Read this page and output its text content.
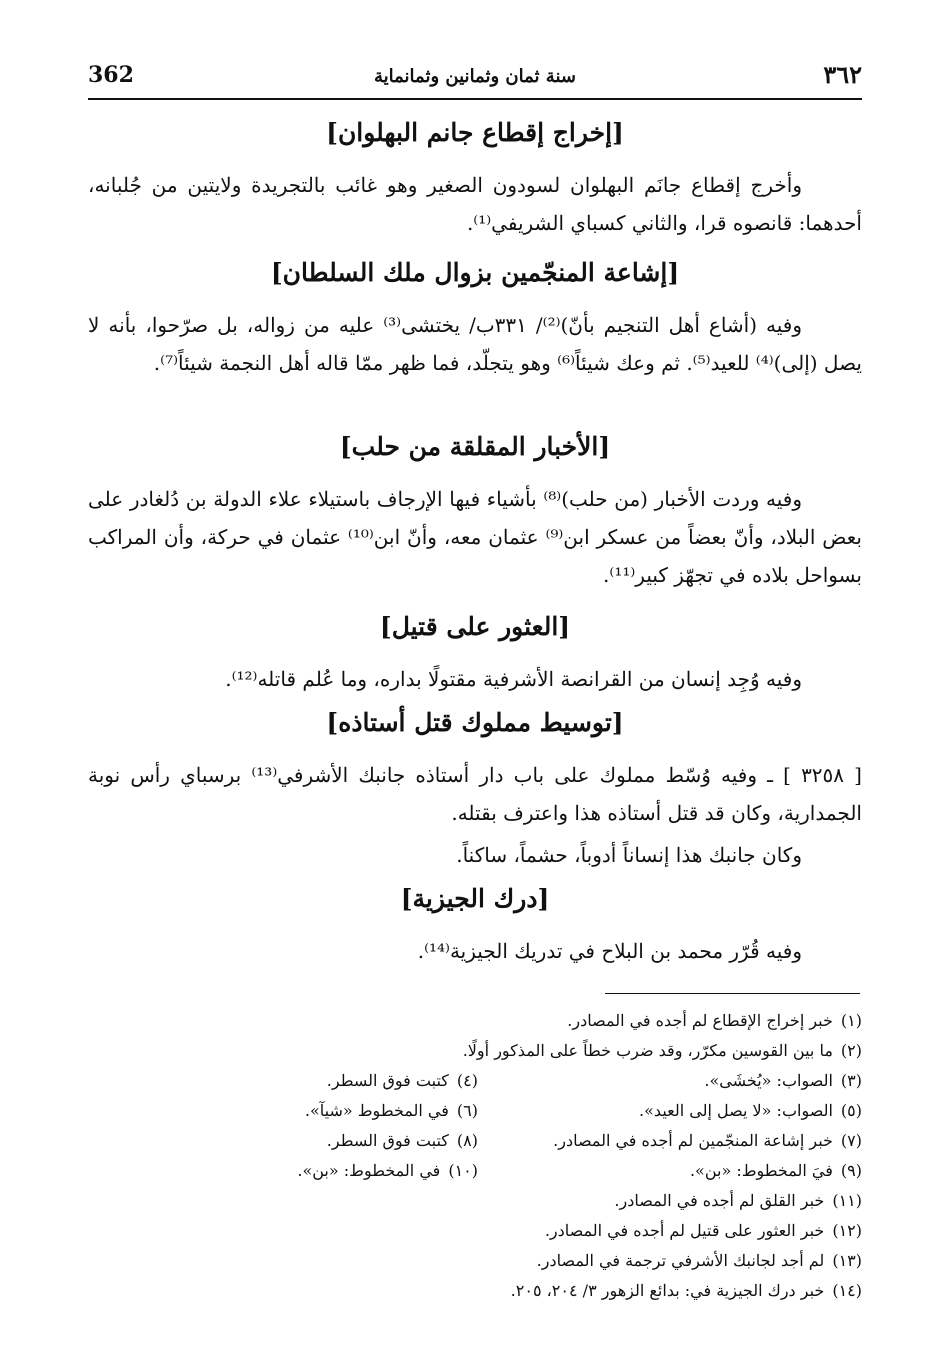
362	سنة ثمان وثمانين وثمانماية	٣٦٢
[إخراج إقطاع جانم البهلوان]

وأخرج إقطاع جانَم البهلوان لسودون الصغير وهو غائب بالتجريدة ولايتين من جُلبانه، أحدهما: قانصوه قرا، والثاني كسباي الشريفي⁽¹⁾.

[إشاعة المنجّمين بزوال ملك السلطان]

وفيه (أشاع أهل التنجيم بأنّ)⁽²⁾/ ٣٣١ب/ يختشى⁽³⁾ عليه من زواله، بل صرّحوا، بأنه لا يصل (إلى)⁽⁴⁾ للعيد⁽⁵⁾. ثم وعك شيئاً⁽⁶⁾ وهو يتجلّد، فما ظهر ممّا قاله أهل النجمة شيئاً⁽⁷⁾.

[الأخبار المقلقة من حلب]

وفيه وردت الأخبار (من حلب)⁽⁸⁾ بأشياء فيها الإرجاف باستيلاء علاء الدولة بن دُلغادر على بعض البلاد، وأنّ بعضاً من عسكر ابن⁽⁹⁾ عثمان معه، وأنّ ابن⁽¹⁰⁾ عثمان في حركة، وأن المراكب بسواحل بلاده في تجهّز كبير⁽¹¹⁾.

[العثور على قتيل]

وفيه وُجِد إنسان من القرانصة الأشرفية مقتولًا بداره، وما عُلم قاتله⁽¹²⁾.

[توسيط مملوك قتل أستاذه]

[ ٣٢٥٨ ] ـ وفيه وُسّط مملوك على باب دار أستاذه جانبك الأشرفي⁽¹³⁾ برسباي رأس نوبة الجمدارية، وكان قد قتل أستاذه هذا واعترف بقتله.

وكان جانبك هذا إنساناً أدوباً، حشماً، ساكناً.

[درك الجيزية]

وفيه قُرّر محمد بن البلاح في تدريك الجيزية⁽¹⁴⁾.

(١)خبر إخراج الإقطاع لم أجده في المصادر.
(٢)ما بين القوسين مكرّر، وقد ضرب خطاً على المذكور أولًا.
(٣)الصواب: «يُخشَى».
(٤)كتبت فوق السطر.
(٥)الصواب: «لا يصل إلى العيد».
(٦)في المخطوط «شيآ».
(٧)خبر إشاعة المنجّمين لم أجده في المصادر.
(٨)كتبت فوق السطر.
(٩)فيَ المخطوط: «بن».
(١٠)في المخطوط: «بن».
(١١)خبر القلق لم أجده في المصادر.
(١٢)خبر العثور على قتيل لم أجده في المصادر.
(١٣)لم أجد لجانبك الأشرفي ترجمة في المصادر.
(١٤)خبر درك الجيزية في: بدائع الزهور ٣/ ٢٠٤، ٢٠٥.
